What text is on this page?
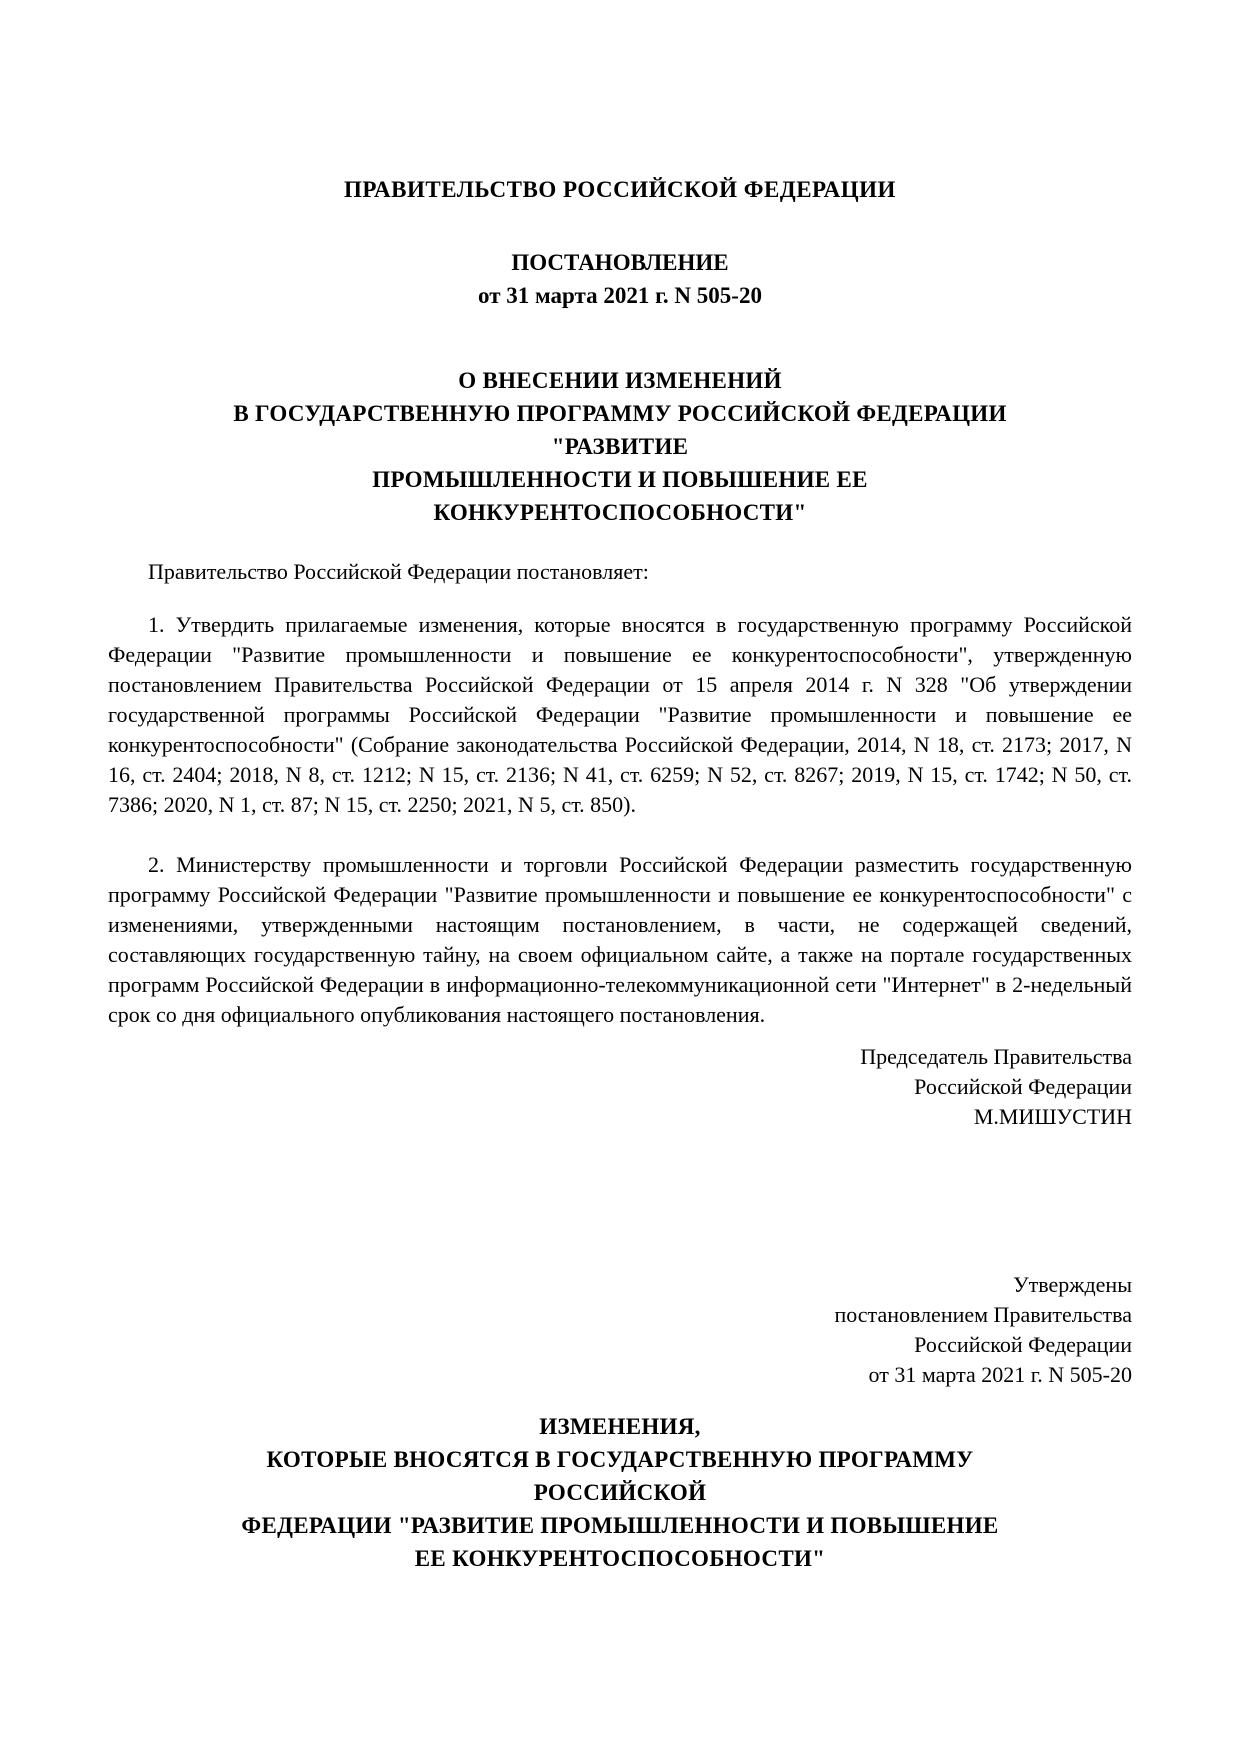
ПРАВИТЕЛЬСТВО РОССИЙСКОЙ ФЕДЕРАЦИИ
ПОСТАНОВЛЕНИЕ
от 31 марта 2021 г. N 505-20
О ВНЕСЕНИИ ИЗМЕНЕНИЙ
В ГОСУДАРСТВЕННУЮ ПРОГРАММУ РОССИЙСКОЙ ФЕДЕРАЦИИ
"РАЗВИТИЕ
ПРОМЫШЛЕННОСТИ И ПОВЫШЕНИЕ ЕЕ
КОНКУРЕНТОСПОСОБНОСТИ"

Правительство Российской Федерации постановляет:

1. Утвердить прилагаемые изменения, которые вносятся в государственную программу Российской Федерации "Развитие промышленности и повышение ее конкурентоспособности", утвержденную постановлением Правительства Российской Федерации от 15 апреля 2014 г. N 328 "Об утверждении государственной программы Российской Федерации "Развитие промышленности и повышение ее конкурентоспособности" (Собрание законодательства Российской Федерации, 2014, N 18, ст. 2173; 2017, N 16, ст. 2404; 2018, N 8, ст. 1212; N 15, ст. 2136; N 41, ст. 6259; N 52, ст. 8267; 2019, N 15, ст. 1742; N 50, ст. 7386; 2020, N 1, ст. 87; N 15, ст. 2250; 2021, N 5, ст. 850).

2. Министерству промышленности и торговли Российской Федерации разместить государственную программу Российской Федерации "Развитие промышленности и повышение ее конкурентоспособности" с изменениями, утвержденными настоящим постановлением, в части, не содержащей сведений, составляющих государственную тайну, на своем официальном сайте, а также на портале государственных программ Российской Федерации в информационно-телекоммуникационной сети "Интернет" в 2-недельный срок со дня официального опубликования настоящего постановления.

Председатель Правительства
Российской Федерации
М.МИШУСТИН
Утверждены
постановлением Правительства
Российской Федерации
от 31 марта 2021 г. N 505-20
ИЗМЕНЕНИЯ,
КОТОРЫЕ ВНОСЯТСЯ В ГОСУДАРСТВЕННУЮ ПРОГРАММУ
РОССИЙСКОЙ
ФЕДЕРАЦИИ "РАЗВИТИЕ ПРОМЫШЛЕННОСТИ И ПОВЫШЕНИЕ
ЕЕ КОНКУРЕНТОСПОСОБНОСТИ"
